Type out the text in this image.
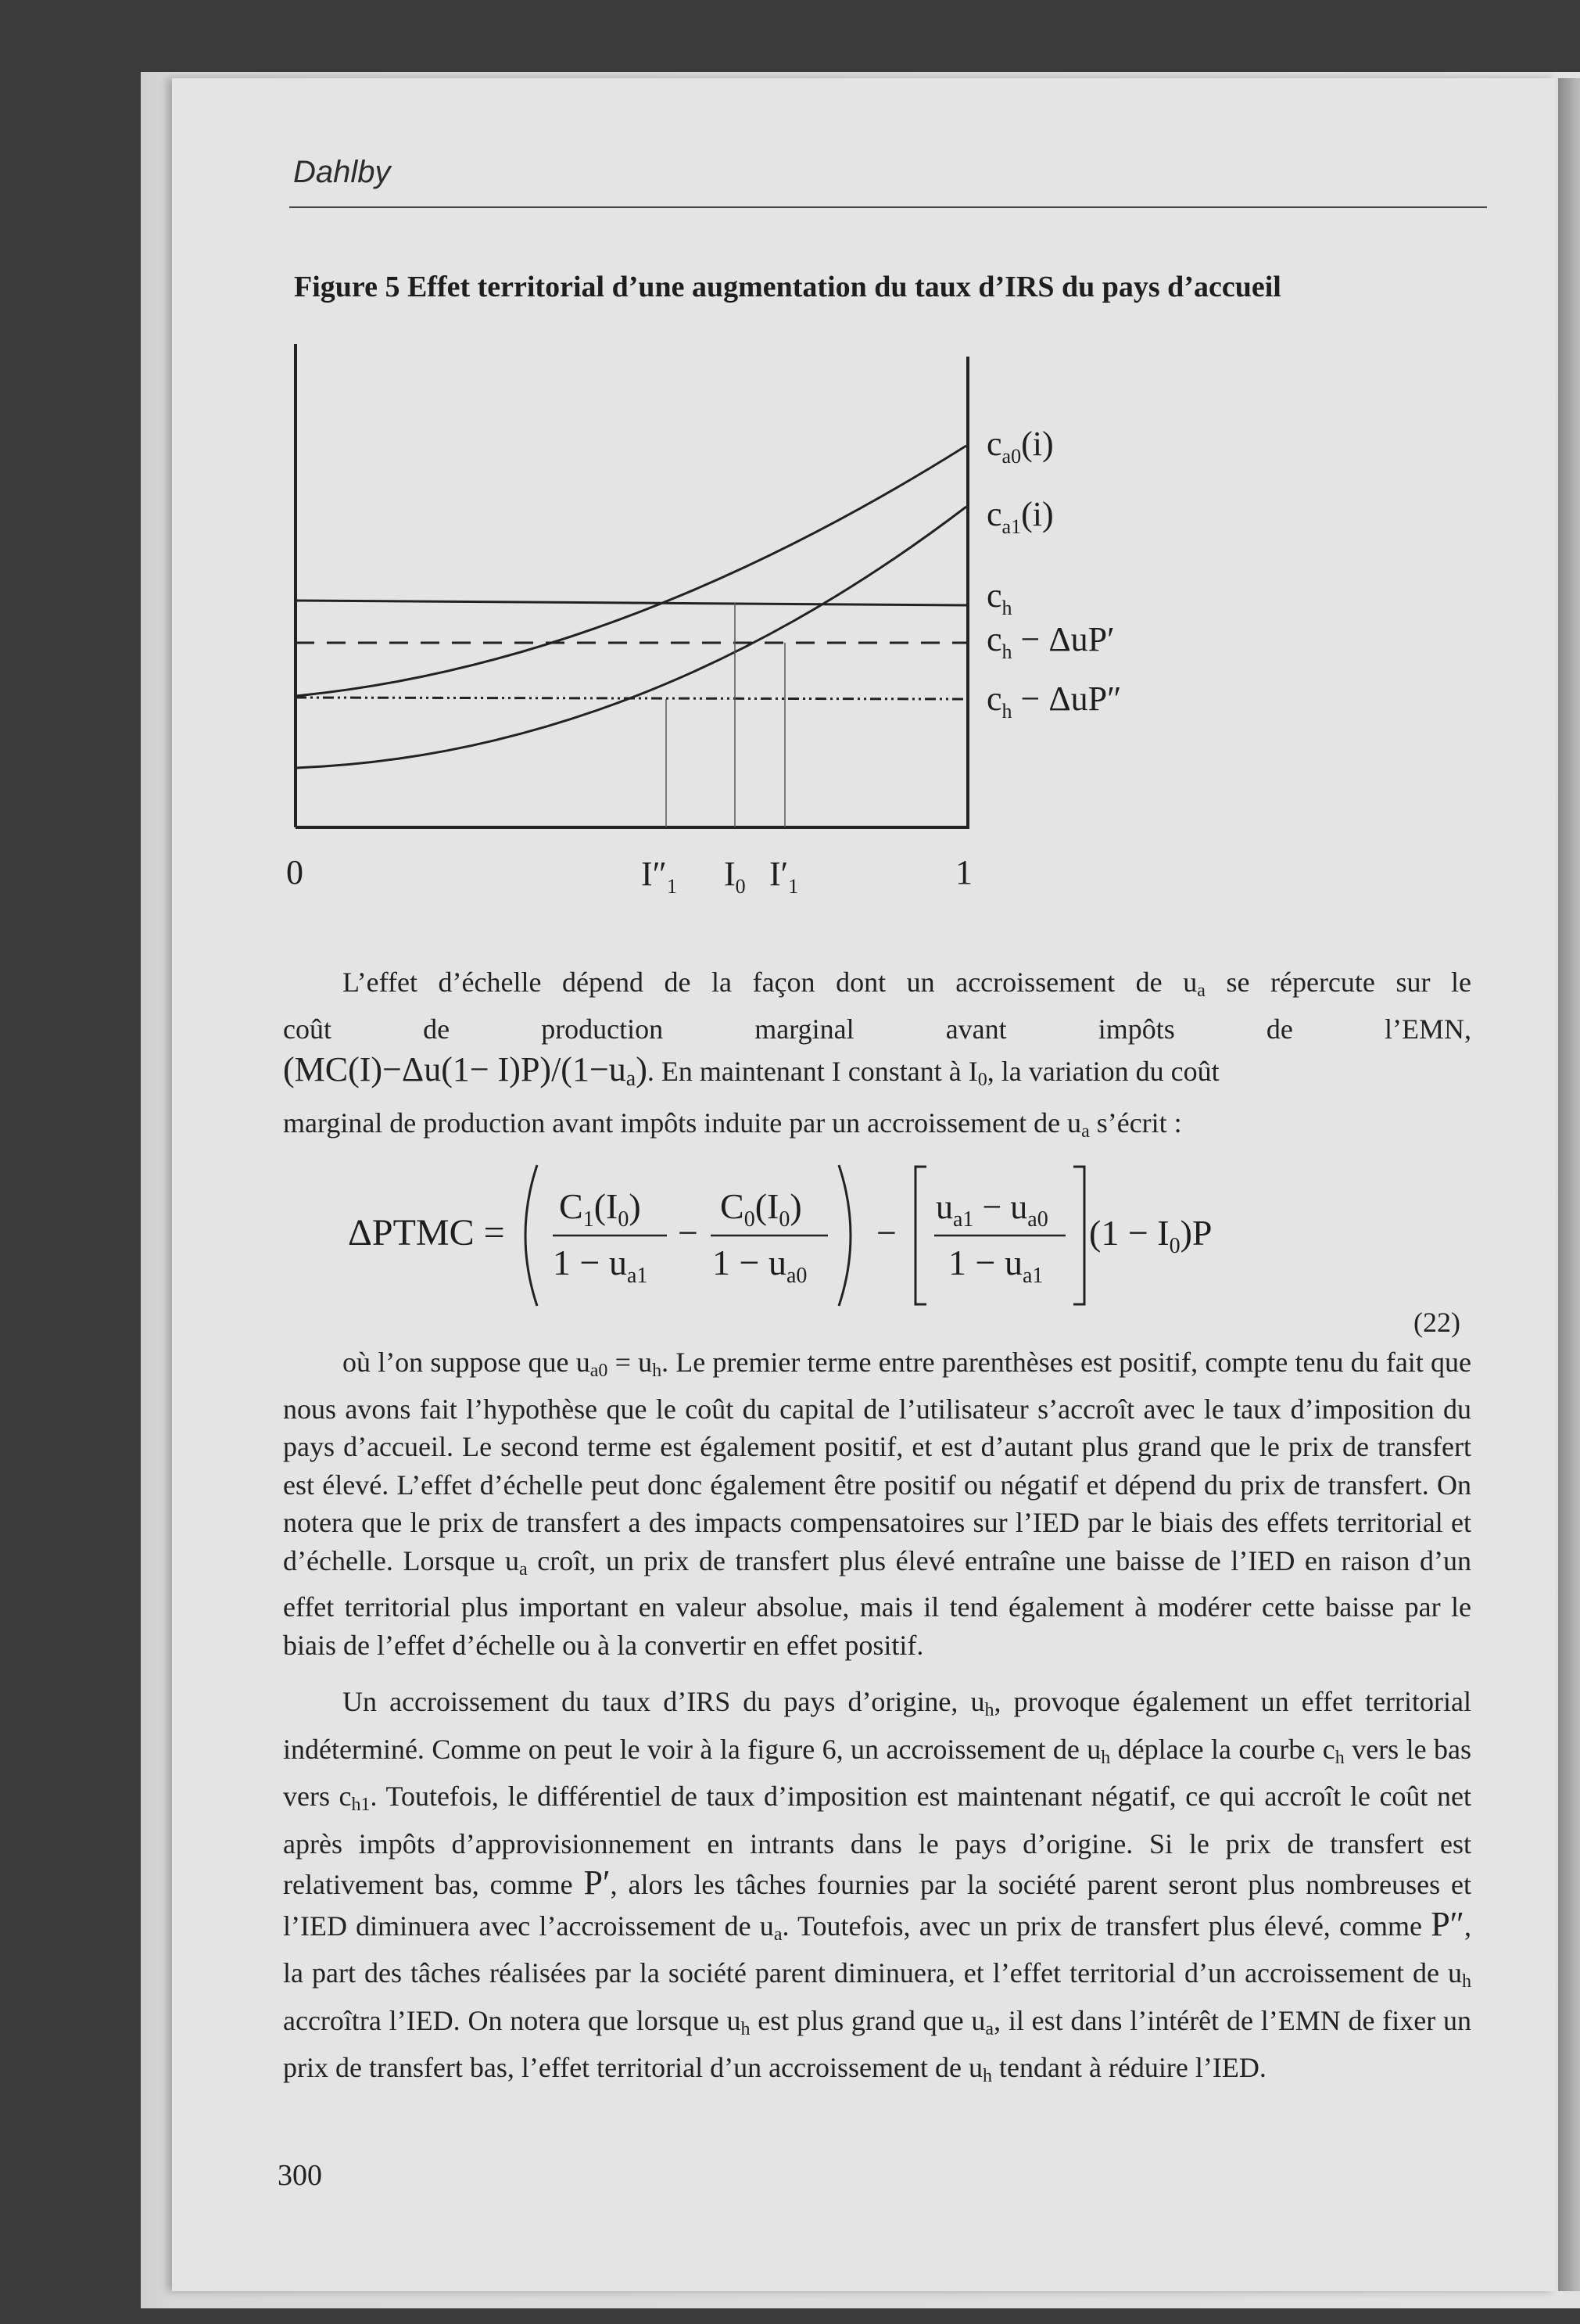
Dahlby
Figure 5 Effet territorial d’une augmentation du taux d’IRS du pays d’accueil
$c_{a0}(i)$
$c_{a1}(i)$
$c_h$
$c_h - \Delta uP'$
$c_h - \Delta uP''$
0	1
$I''_1$ $I_0$ $I'_1$
L’effet d’échelle dépend de la façon dont un accroissement de $u_a$ se répercute sur le
coût	de	production	marginal	avant	impôts	de	l’EMN,
$(MC(I)-\Delta u(1- I)P)/(1-u_a)$. En maintenant I constant à $I_0$, la variation du coût
marginal de production avant impôts induite par un accroissement de $u_a$ s’écrit :
ΔPTMC =
$C_1(I_0)$
$1 - u_{a1}$
−
$C_0(I_0)$
$1 - u_{a0}$
−
$u_{a1} - u_{a0}$
$1 - u_{a1}$
$(1 - I_0)P$
(22)
où l’on suppose que $u_{a0} = u_h$. Le premier terme entre parenthèses est positif, compte tenu du fait que nous avons fait l’hypothèse que le coût du capital de l’utilisateur s’accroît avec le taux d’imposition du pays d’accueil. Le second terme est également positif, et est d’autant plus grand que le prix de transfert est élevé. L’effet d’échelle peut donc également être positif ou négatif et dépend du prix de transfert. On notera que le prix de transfert a des impacts compensatoires sur l’IED par le biais des effets territorial et d’échelle. Lorsque $u_a$ croît, un prix de transfert plus élevé entraîne une baisse de l’IED en raison d’un effet territorial plus important en valeur absolue, mais il tend également à modérer cette baisse par le biais de l’effet d’échelle ou à la convertir en effet positif.
Un accroissement du taux d’IRS du pays d’origine, $u_h$, provoque également un effet territorial indéterminé. Comme on peut le voir à la figure 6, un accroissement de $u_h$ déplace la courbe $c_h$ vers le bas vers $c_{h1}$. Toutefois, le différentiel de taux d’imposition est maintenant négatif, ce qui accroît le coût net après impôts d’approvisionnement en intrants dans le pays d’origine. Si le prix de transfert est relativement bas, comme P′, alors les tâches fournies par la société parent seront plus nombreuses et l’IED diminuera avec l’accroissement de $u_a$. Toutefois, avec un prix de transfert plus élevé, comme P″, la part des tâches réalisées par la société parent diminuera, et l’effet territorial d’un accroissement de $u_h$ accroîtra l’IED. On notera que lorsque $u_h$ est plus grand que $u_a$, il est dans l’intérêt de l’EMN de fixer un prix de transfert bas, l’effet territorial d’un accroissement de $u_h$ tendant à réduire l’IED.
300
